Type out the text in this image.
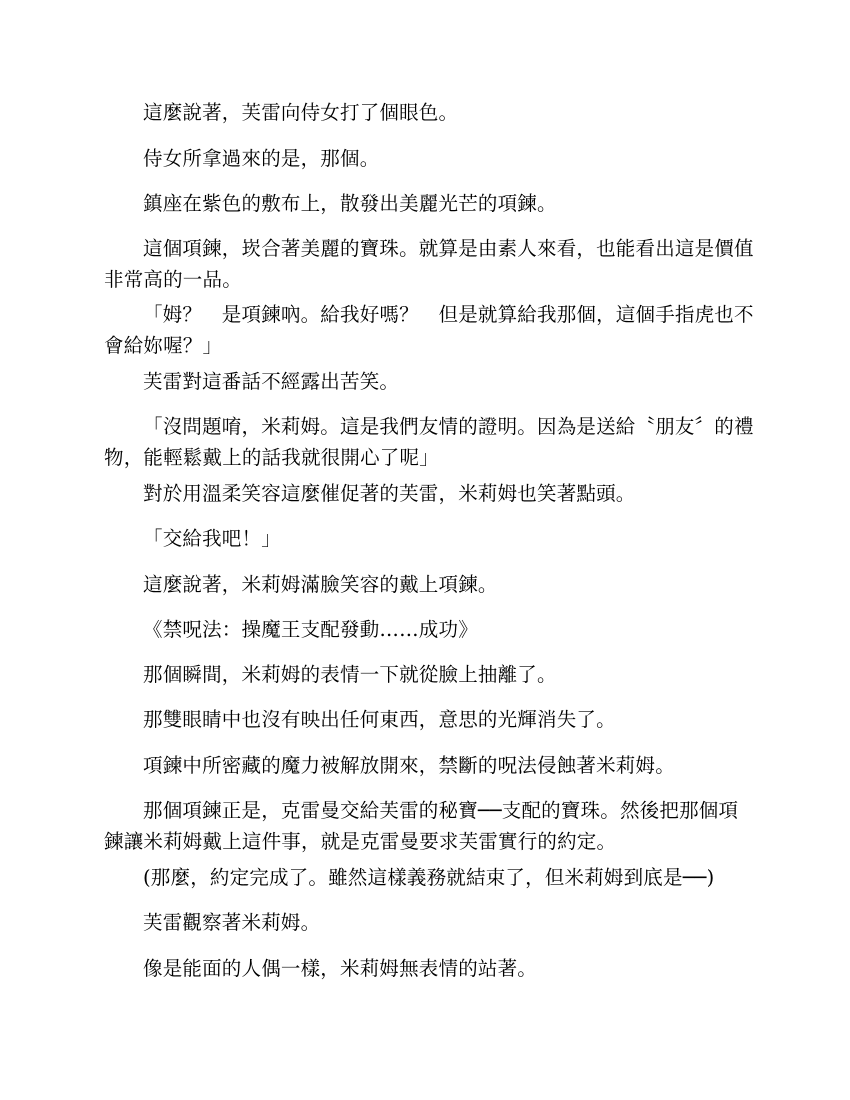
這麼說著，芙雷向侍女打了個眼色。

侍女所拿過來的是，那個。

鎮座在紫色的敷布上，散發出美麗光芒的項鍊。

這個項鍊，崁合著美麗的寶珠。就算是由素人來看，也能看出這是價值非常高的一品。

「姆？　是項鍊吶。給我好嗎？　但是就算給我那個，這個手指虎也不會給妳喔？」

芙雷對這番話不經露出苦笑。

「沒問題唷，米莉姆。這是我們友情的證明。因為是送給〝朋友〞的禮物，能輕鬆戴上的話我就很開心了呢」

對於用溫柔笑容這麼催促著的芙雷，米莉姆也笑著點頭。

「交給我吧！」

這麼說著，米莉姆滿臉笑容的戴上項鍊。

《禁呪法：操魔王支配發動……成功》

那個瞬間，米莉姆的表情一下就從臉上抽離了。

那雙眼睛中也沒有映出任何東西，意思的光輝消失了。

項鍊中所密藏的魔力被解放開來，禁斷的呪法侵蝕著米莉姆。

那個項鍊正是，克雷曼交給芙雷的秘寶──支配的寶珠。然後把那個項鍊讓米莉姆戴上這件事，就是克雷曼要求芙雷實行的約定。

(那麼，約定完成了。雖然這樣義務就結束了，但米莉姆到底是──)

芙雷觀察著米莉姆。

像是能面的人偶一樣，米莉姆無表情的站著。
